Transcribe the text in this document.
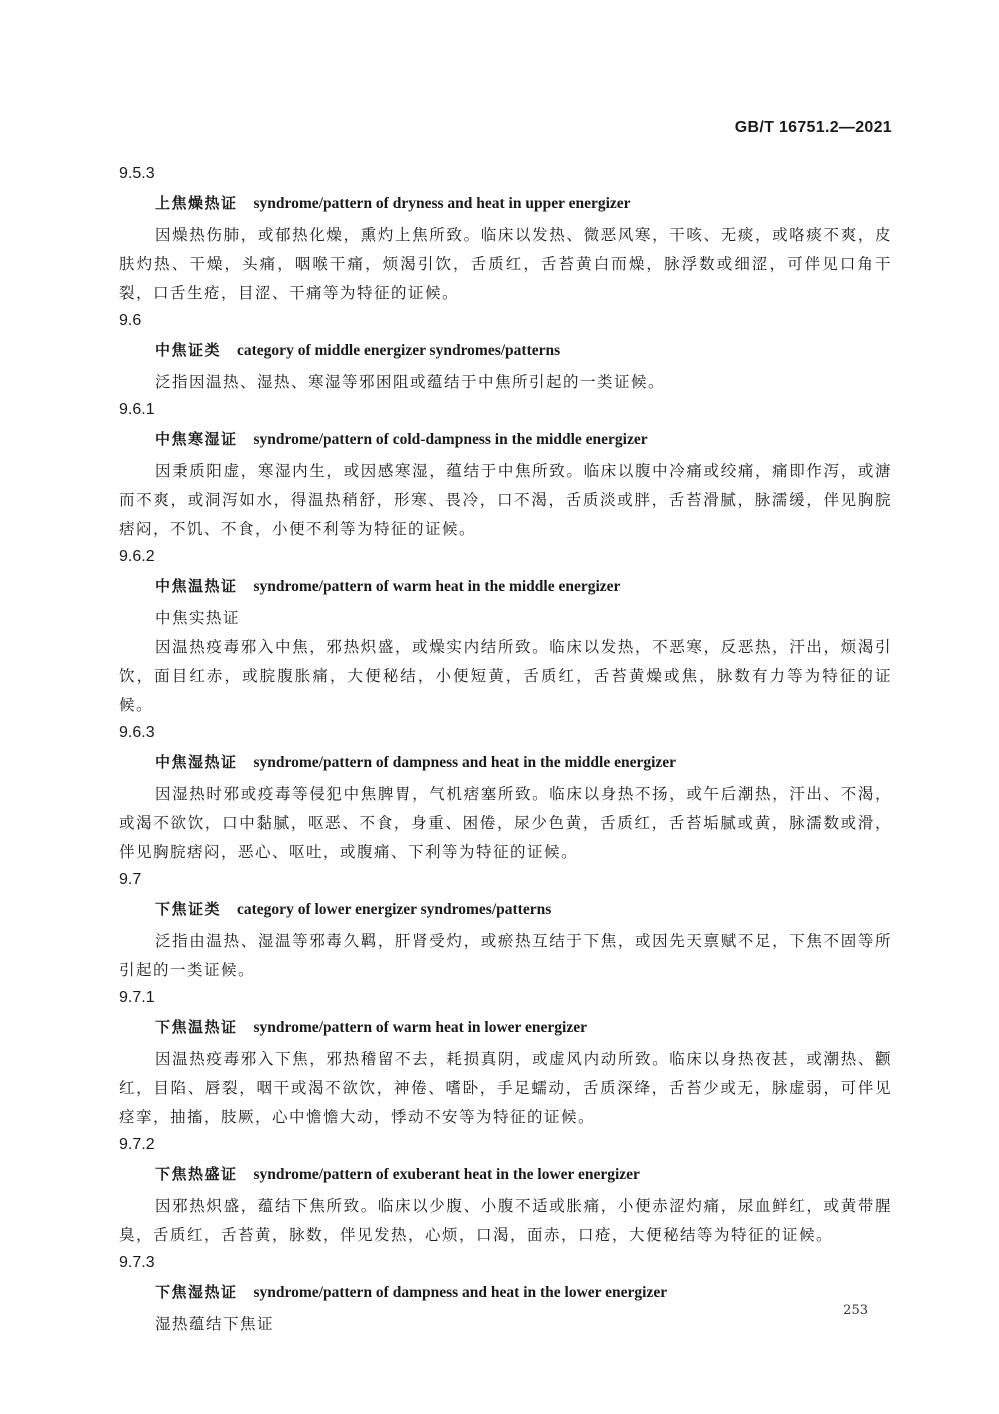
GB/T 16751.2—2021
9.5.3
上焦燥热证 syndrome/pattern of dryness and heat in upper energizer

因燥热伤肺，或郁热化燥，熏灼上焦所致。临床以发热、微恶风寒，干咳、无痰，或咯痰不爽，皮肤灼热、干燥，头痛，咽喉干痛，烦渴引饮，舌质红，舌苔黄白而燥，脉浮数或细涩，可伴见口角干裂，口舌生疮，目涩、干痛等为特征的证候。

9.6
中焦证类 category of middle energizer syndromes/patterns

泛指因温热、湿热、寒湿等邪困阻或蕴结于中焦所引起的一类证候。

9.6.1
中焦寒湿证 syndrome/pattern of cold-dampness in the middle energizer

因秉质阳虚，寒湿内生，或因感寒湿，蕴结于中焦所致。临床以腹中冷痛或绞痛，痛即作泻，或溏而不爽，或洞泻如水，得温热稍舒，形寒、畏冷，口不渴，舌质淡或胖，舌苔滑腻，脉濡缓，伴见胸脘痞闷，不饥、不食，小便不利等为特征的证候。

9.6.2
中焦温热证 syndrome/pattern of warm heat in the middle energizer
中焦实热证

因温热疫毒邪入中焦，邪热炽盛，或燥实内结所致。临床以发热，不恶寒，反恶热，汗出，烦渴引饮，面目红赤，或脘腹胀痛，大便秘结，小便短黄，舌质红，舌苔黄燥或焦，脉数有力等为特征的证候。

9.6.3
中焦湿热证 syndrome/pattern of dampness and heat in the middle energizer

因湿热时邪或疫毒等侵犯中焦脾胃，气机痞塞所致。临床以身热不扬，或午后潮热，汗出、不渴，或渴不欲饮，口中黏腻，呕恶、不食，身重、困倦，尿少色黄，舌质红，舌苔垢腻或黄，脉濡数或滑，伴见胸脘痞闷，恶心、呕吐，或腹痛、下利等为特征的证候。

9.7
下焦证类 category of lower energizer syndromes/patterns

泛指由温热、湿温等邪毒久羁，肝肾受灼，或瘀热互结于下焦，或因先天禀赋不足，下焦不固等所引起的一类证候。

9.7.1
下焦温热证 syndrome/pattern of warm heat in lower energizer

因温热疫毒邪入下焦，邪热稽留不去，耗损真阴，或虚风内动所致。临床以身热夜甚，或潮热、颧红，目陷、唇裂，咽干或渴不欲饮，神倦、嗜卧，手足蠕动，舌质深绛，舌苔少或无，脉虚弱，可伴见痉挛，抽搐，肢厥，心中憺憺大动，悸动不安等为特征的证候。

9.7.2
下焦热盛证 syndrome/pattern of exuberant heat in the lower energizer

因邪热炽盛，蕴结下焦所致。临床以少腹、小腹不适或胀痛，小便赤涩灼痛，尿血鲜红，或黄带腥臭，舌质红，舌苔黄，脉数，伴见发热，心烦，口渴，面赤，口疮，大便秘结等为特征的证候。

9.7.3
下焦湿热证 syndrome/pattern of dampness and heat in the lower energizer
湿热蕴结下焦证
253
